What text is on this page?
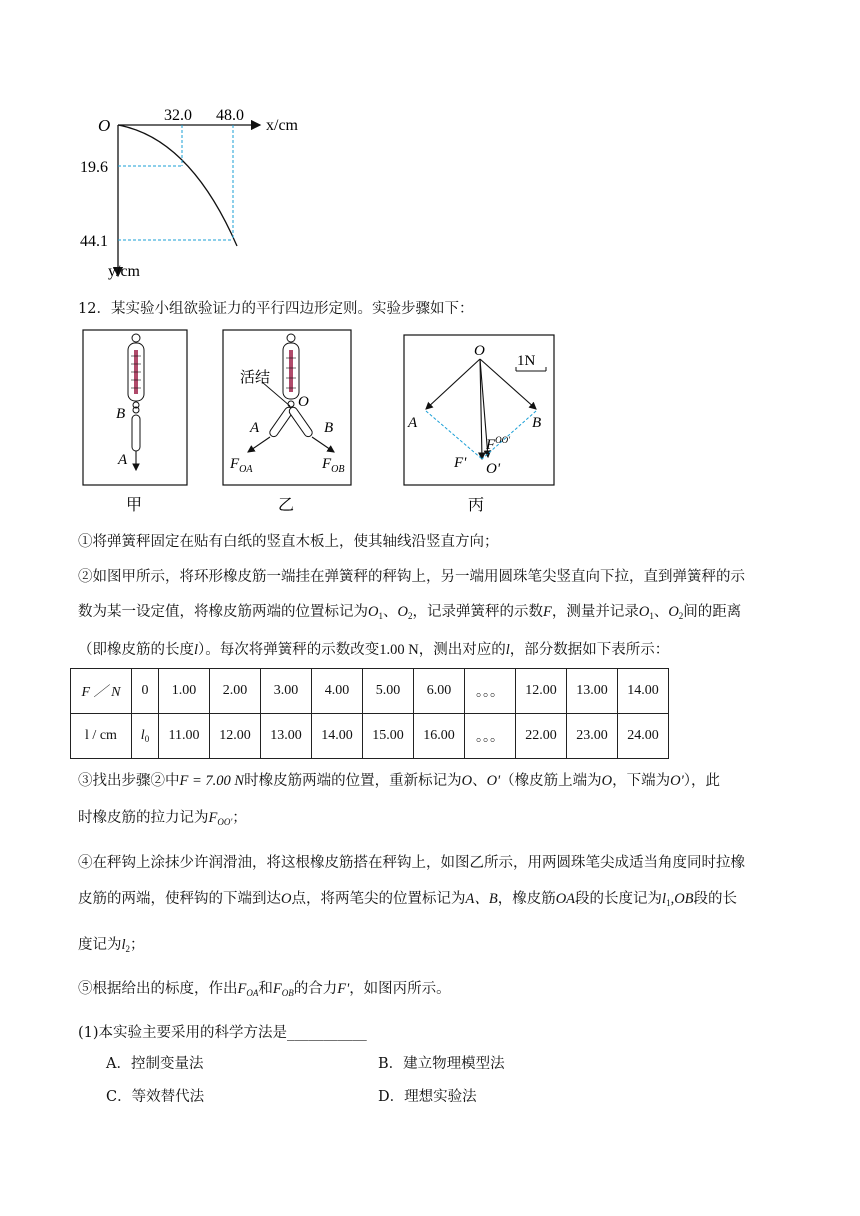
O
32.0 48.0
x/cm
19.6
44.1
y/cm
12．某实验小组欲验证力的平行四边形定则。实验步骤如下：
B
A
甲
活结
O
A	B
$F_{OA}$	$F_{OB}$
乙
O
1N
A	B
$F^{OO'}$
F' O'
丙
①将弹簧秤固定在贴有白纸的竖直木板上，使其轴线沿竖直方向；
②如图甲所示，将环形橡皮筋一端挂在弹簧秤的秤钩上，另一端用圆珠笔尖竖直向下拉，直到弹簧秤的示
数为某一设定值，将橡皮筋两端的位置标记为$O_1$、$O_2$，记录弹簧秤的示数F，测量并记录$O_1$、$O_2$间的距离
（即橡皮筋的长度l）。每次将弹簧秤的示数改变1.00 N，测出对应的l，部分数据如下表所示：
F ／ N	0	1.00	2.00	3.00	4.00	5.00	6.00	。。。	12.00	13.00	14.00
l / cm	$l_0$	11.00	12.00	13.00	14.00	15.00	16.00	。。。	22.00	23.00	24.00
③找出步骤②中F = 7.00 N时橡皮筋两端的位置，重新标记为O、O'（橡皮筋上端为O，下端为O'），此
时橡皮筋的拉力记为$F_{OO'}$；
④在秤钩上涂抹少许润滑油，将这根橡皮筋搭在秤钩上，如图乙所示，用两圆珠笔尖成适当角度同时拉橡
皮筋的两端，使秤钩的下端到达O点，将两笔尖的位置标记为A、B，橡皮筋OA段的长度记为$l_1,OB$段的长
度记为$l_2$；
⑤根据给出的标度，作出$F_{OA}$和$F_{OB}$的合力F'，如图丙所示。
(1)本实验主要采用的科学方法是___________
A．控制变量法	B．建立物理模型法
C．等效替代法	D．理想实验法
